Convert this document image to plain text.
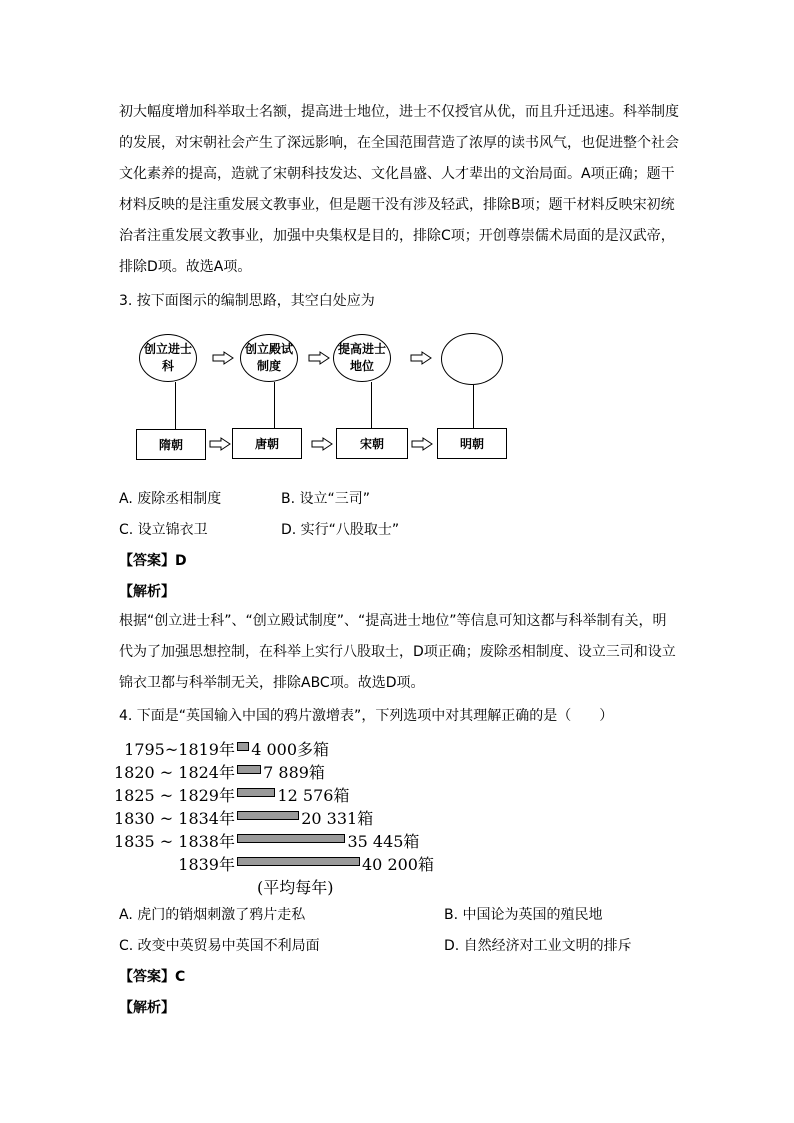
初大幅度增加科举取士名额，提高进士地位，进士不仅授官从优，而且升迁迅速。科举制度的发展，对宋朝社会产生了深远影响，在全国范围营造了浓厚的读书风气，也促进整个社会文化素养的提高，造就了宋朝科技发达、文化昌盛、人才辈出的文治局面。A项正确；题干材料反映的是注重发展文教事业，但是题干没有涉及轻武，排除B项；题干材料反映宋初统治者注重发展文教事业，加强中央集权是目的，排除C项；开创尊崇儒术局面的是汉武帝，排除D项。故选A项。

3. 按下面图示的编制思路，其空白处应为

创立进士科
创立殿试制度
提高进士地位
隋朝	唐朝	宋朝	明朝
A. 废除丞相制度	B. 设立“三司”
C. 设立锦衣卫	D. 实行“八股取士”
【答案】D
【解析】

根据“创立进士科”、“创立殿试制度”、“提高进士地位”等信息可知这都与科举制有关，明代为了加强思想控制，在科举上实行八股取士，D项正确；废除丞相制度、设立三司和设立锦衣卫都与科举制无关，排除ABC项。故选D项。

4. 下面是“英国输入中国的鸦片激增表”，下列选项中对其理解正确的是（　　）

1795~1819年 4 000多箱
1820 ~ 1824年 7 889箱
1825 ~ 1829年	12 576箱
1830 ~ 1834年	20 331箱
1835 ~ 1838年	35 445箱
1839年	40 200箱
(平均每年)
A. 虎门的销烟刺激了鸦片走私	B. 中国论为英国的殖民地
C. 改变中英贸易中英国不利局面	D. 自然经济对工业文明的排斥
【答案】C
【解析】
